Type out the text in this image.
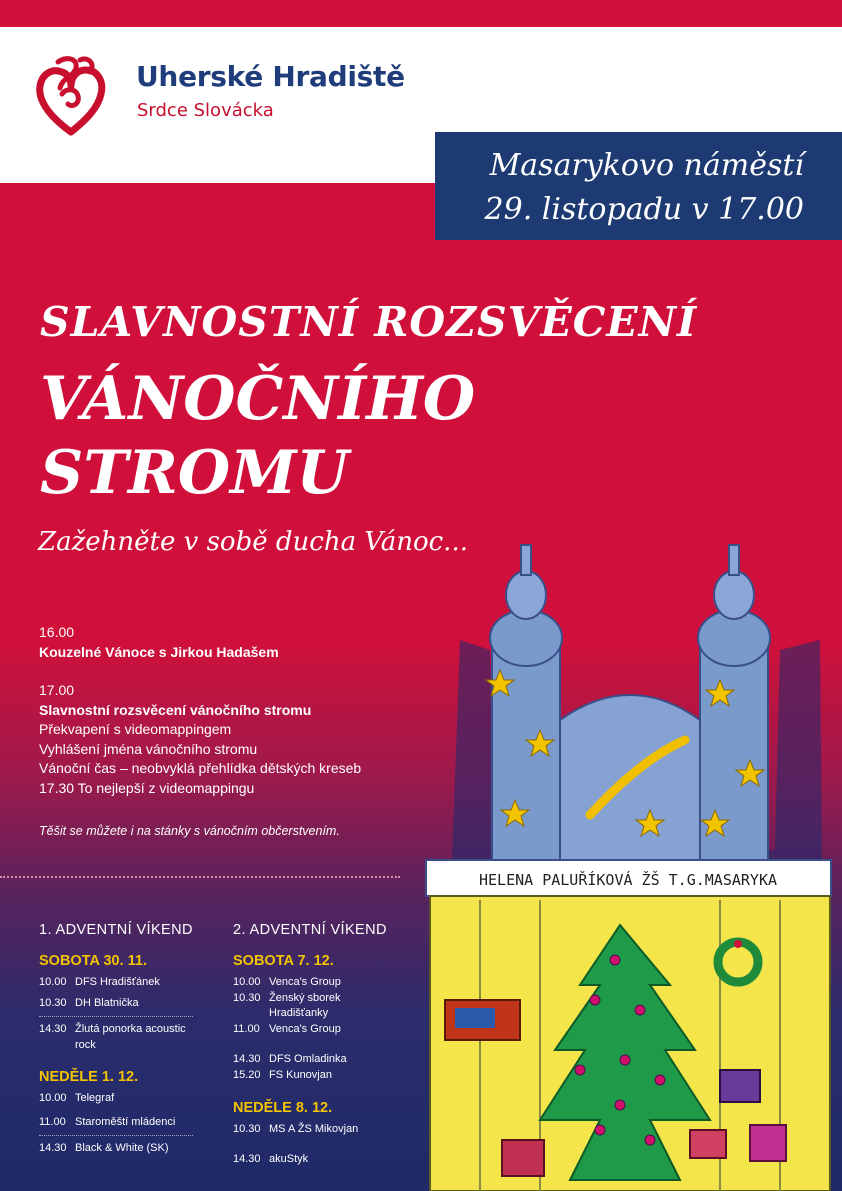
Uherské Hradiště
Srdce Slovácka
Masarykovo náměstí
29. listopadu v 17.00
SLAVNOSTNÍ ROZSVĚCENÍ
VÁNOČNÍHO
STROMU
Zažehněte v sobě ducha Vánoc...
16.00
Kouzelné Vánoce s Jirkou Hadašem
17.00
Slavnostní rozsvěcení vánočního stromu
Překvapení s videomappingem
Vyhlášení jména vánočního stromu
Vánoční čas – neobvyklá přehlídka dětských kreseb
17.30 To nejlepší z videomappingu
Těšit se můžete i na stánky s vánočním občerstvením.
HELENA PALUŘÍKOVÁ ŽŠ T.G.MASARYKA
1. ADVENTNÍ VÍKEND
SOBOTA 30. 11.
10.00 DFS Hradišťánek
10.30 DH Blatnička
14.30 Žlutá ponorka acoustic rock
NEDĚLE 1. 12.
10.00 Telegraf
11.00 Staroměští mládenci
14.30 Black & White (SK)
2. ADVENTNÍ VÍKEND
SOBOTA 7. 12.
10.00 Venca's Group
10.30 Ženský sborek Hradišťanky
11.00 Venca's Group
14.30 DFS Omladinka
15.20 FS Kunovjan
NEDĚLE 8. 12.
10.30 MS A ŽS Mikovjan
14.30 akuStyk
